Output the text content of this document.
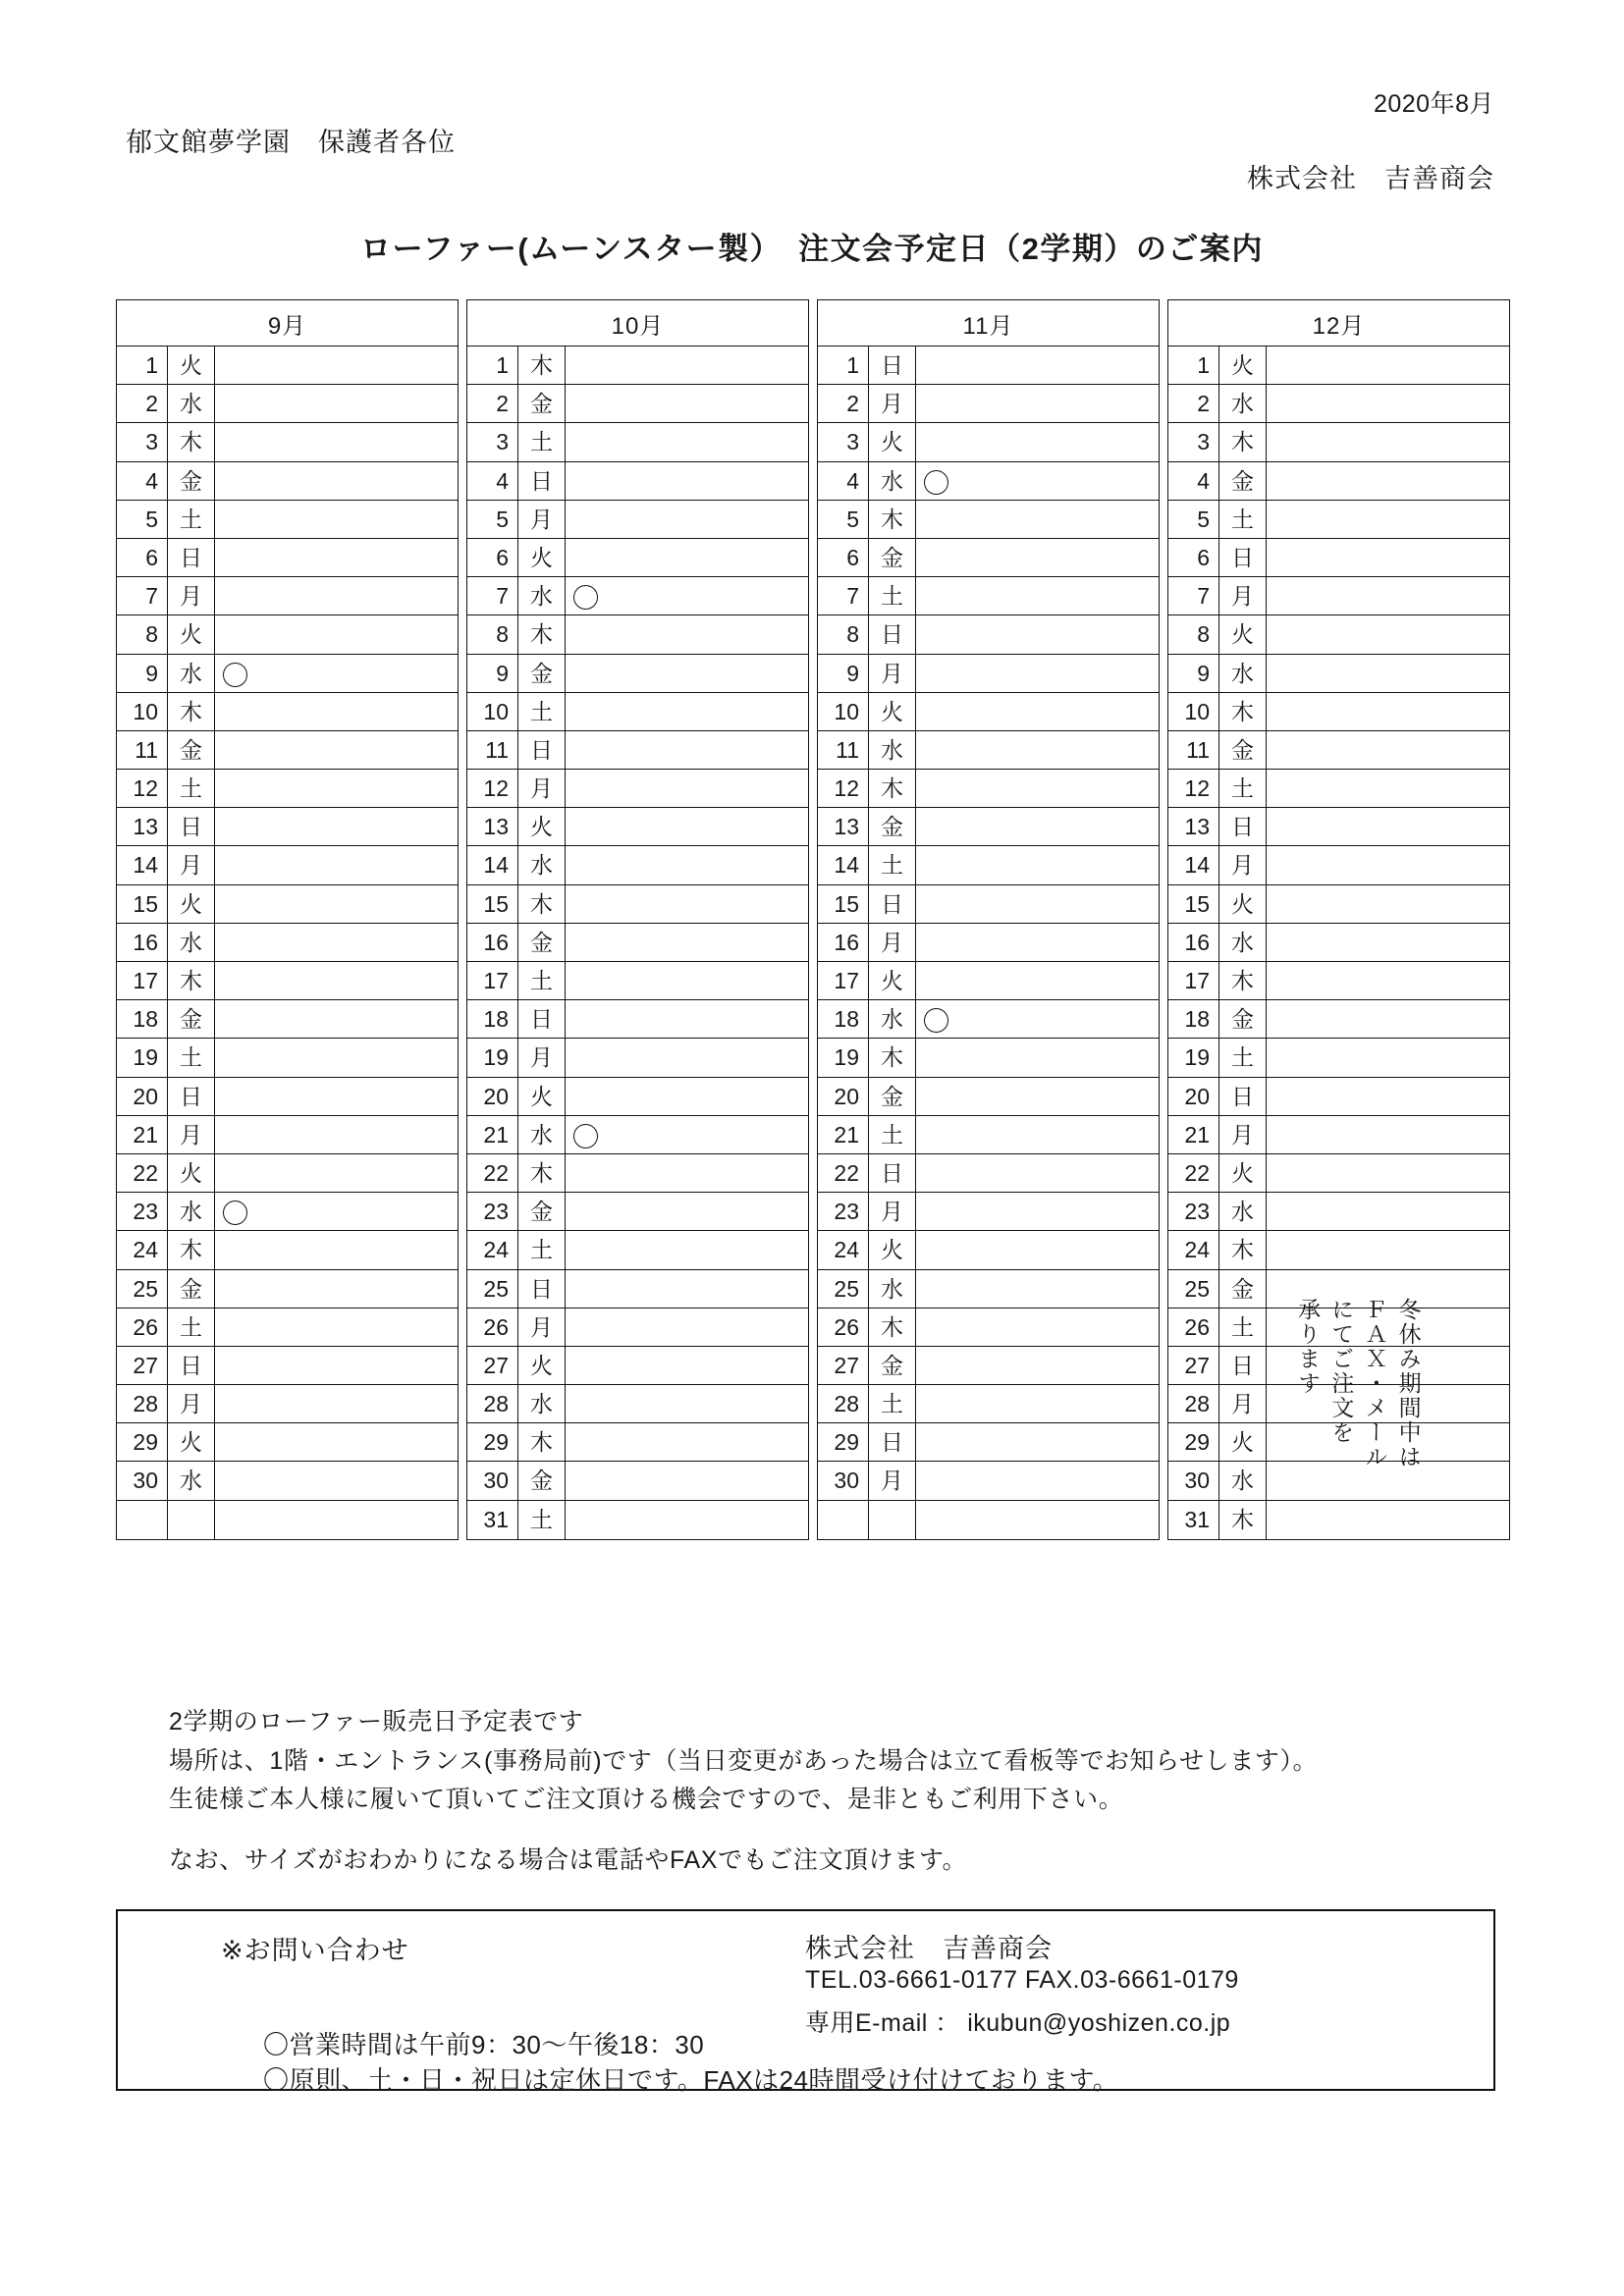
2020年8月
郁文館夢学園　保護者各位
株式会社　吉善商会
ローファー(ムーンスター製）　注文会予定日（2学期）のご案内
9月
1 火
2 水
3 木
4 金
5 土
6 日
7 月
8 火
9 水
10 木
11 金
12 土
13 日
14 月
15 火
16 水
17 木
18 金
19 土
20 日
21 月
22 火
23 水
24 木
25 金
26 土
27 日
28 月
29 火
30 水
10月
1 木
2 金
3 土
4 日
5 月
6 火
7 水
8 木
9 金
10 土
11 日
12 月
13 火
14 水
15 木
16 金
17 土
18 日
19 月
20 火
21 水
22 木
23 金
24 土
25 日
26 月
27 火
28 水
29 木
30 金
31 土
11月
1 日
2 月
3 火
4 水
5 木
6 金
7 土
8 日
9 月
10 火
11 水
12 木
13 金
14 土
15 日
16 月
17 火
18 水
19 木
20 金
21 土
22 日
23 月
24 火
25 水
26 木
27 金
28 土
29 日
30 月
12月
1 火
2 水
3 木
4 金
5 土
6 日
7 月
8 火
9 水
10 木
11 金
12 土
13 日
14 月
15 火
16 水
17 木
18 金
19 土
20 日
21 月
22 火
23 水
24 木
25 金
26 土
27 日
28 月
29 火
30 水
31 木
冬休み期間中は
ＦＡＸ・メール
にてご注文を
承ります
2学期のローファー販売日予定表です
場所は、1階・エントランス(事務局前)です（当日変更があった場合は立て看板等でお知らせします）。
生徒様ご本人様に履いて頂いてご注文頂ける機会ですので、是非ともご利用下さい。
なお、サイズがおわかりになる場合は電話やFAXでもご注文頂けます。
※お問い合わせ	株式会社　吉善商会
TEL.03-6661-0177 FAX.03-6661-0179
専用E-mail ： ikubun@yoshizen.co.jp
〇営業時間は午前9：30～午後18：30
〇原則、土・日・祝日は定休日です。FAXは24時間受け付けております。
